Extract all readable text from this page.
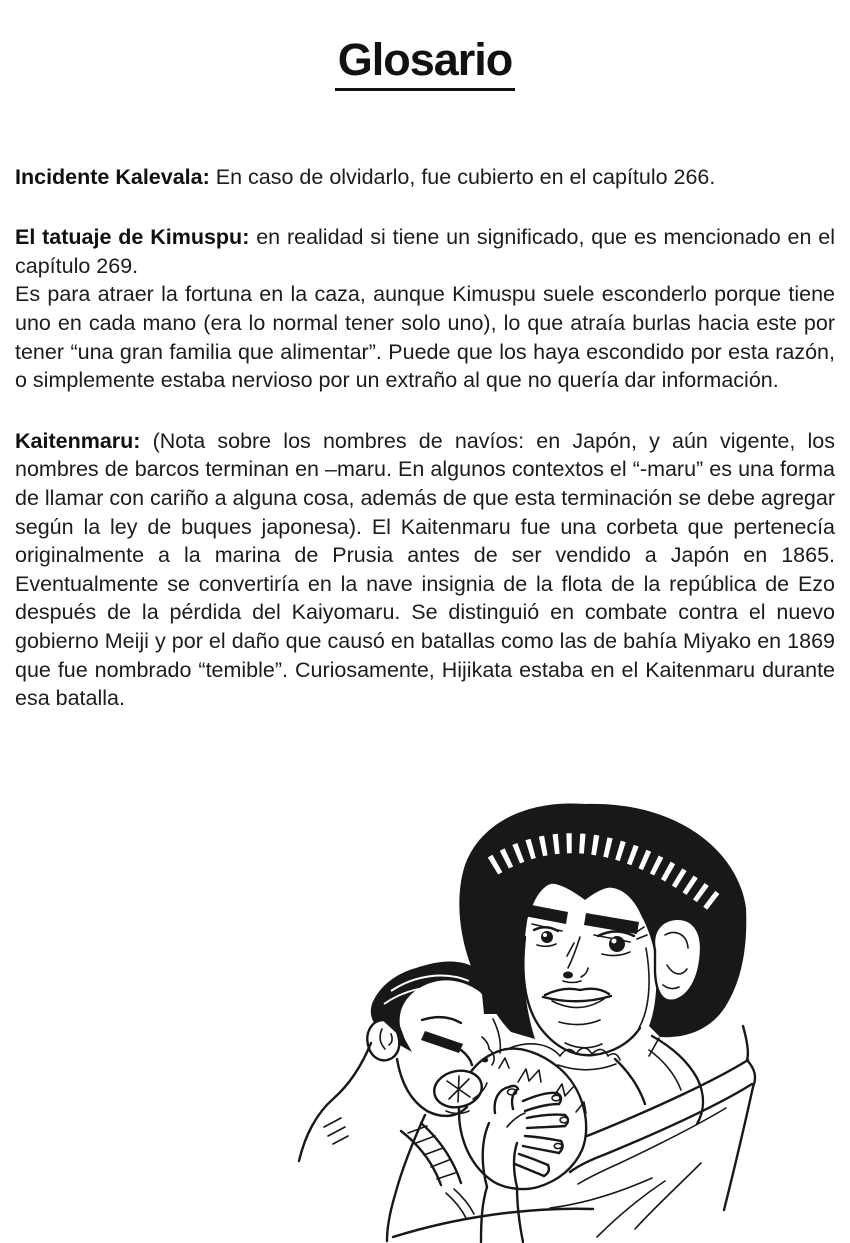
Glosario

Incidente Kalevala: En caso de olvidarlo, fue cubierto en el capítulo 266.

El tatuaje de Kimuspu: en realidad si tiene un significado, que es mencionado en el capítulo 269.
Es para atraer la fortuna en la caza, aunque Kimuspu suele esconderlo porque tiene uno en cada mano (era lo normal tener solo uno), lo que atraía burlas hacia este por tener “una gran familia que alimentar”. Puede que los haya escondido por esta razón, o simplemente estaba nervioso por un extraño al que no quería dar información.

Kaitenmaru: (Nota sobre los nombres de navíos: en Japón, y aún vigente, los nombres de barcos terminan en –maru. En algunos contextos el “-maru” es una forma de llamar con cariño a alguna cosa, además de que esta terminación se debe agregar según la ley de buques japonesa). El Kaitenmaru fue una corbeta que pertenecía originalmente a la marina de Prusia antes de ser vendido a Japón en 1865. Eventualmente se convertiría en la nave insignia de la flota de la república de Ezo después de la pérdida del Kaiyomaru. Se distinguió en combate contra el nuevo gobierno Meiji y por el daño que causó en batallas como las de bahía Miyako en 1869 que fue nombrado “temible”. Curiosamente, Hijikata estaba en el Kaitenmaru durante esa batalla.
